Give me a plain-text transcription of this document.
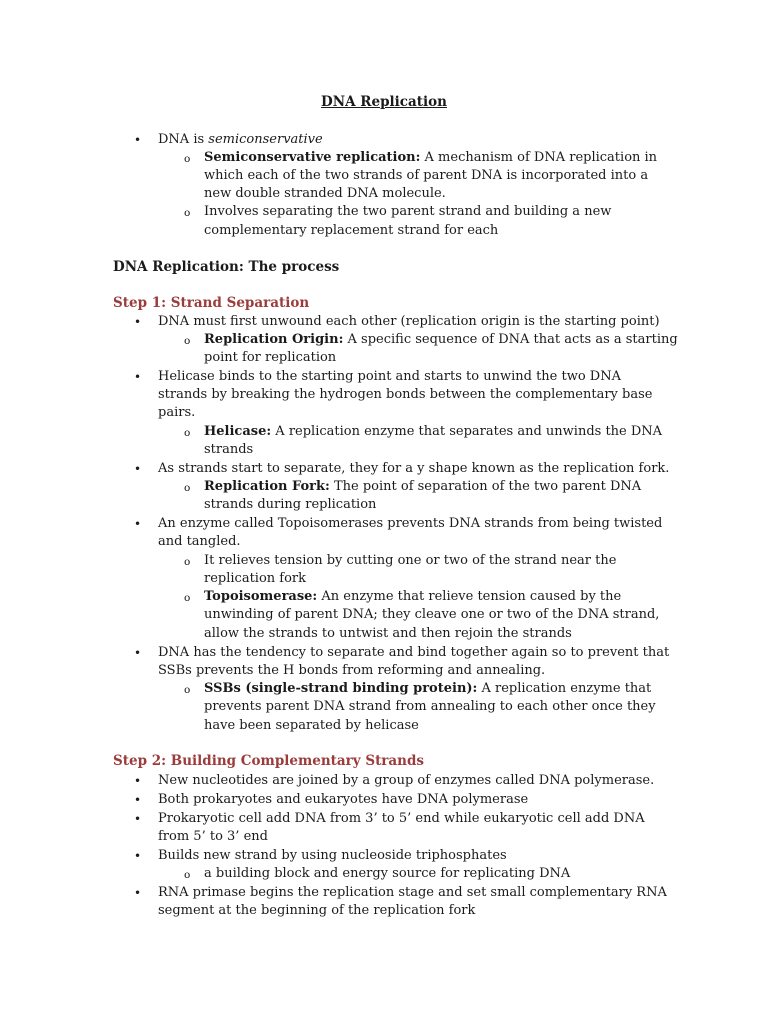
DNA Replication
• DNA is semiconservative
o Semiconservative replication: A mechanism of DNA replication in
which each of the two strands of parent DNA is incorporated into a
new double stranded DNA molecule.
o Involves separating the two parent strand and building a new
complementary replacement strand for each
DNA Replication: The process
Step 1: Strand Separation
• DNA must first unwound each other (replication origin is the starting point)
o Replication Origin: A specific sequence of DNA that acts as a starting
point for replication
• Helicase binds to the starting point and starts to unwind the two DNA
strands by breaking the hydrogen bonds between the complementary base
pairs.
o Helicase: A replication enzyme that separates and unwinds the DNA
strands
• As strands start to separate, they for a y shape known as the replication fork.
o Replication Fork: The point of separation of the two parent DNA
strands during replication
• An enzyme called Topoisomerases prevents DNA strands from being twisted
and tangled.
o It relieves tension by cutting one or two of the strand near the
replication fork
o Topoisomerase: An enzyme that relieve tension caused by the
unwinding of parent DNA; they cleave one or two of the DNA strand,
allow the strands to untwist and then rejoin the strands
• DNA has the tendency to separate and bind together again so to prevent that
SSBs prevents the H bonds from reforming and annealing.
o SSBs (single-strand binding protein): A replication enzyme that
prevents parent DNA strand from annealing to each other once they
have been separated by helicase
Step 2: Building Complementary Strands
• New nucleotides are joined by a group of enzymes called DNA polymerase.
• Both prokaryotes and eukaryotes have DNA polymerase
• Prokaryotic cell add DNA from 3’ to 5’ end while eukaryotic cell add DNA
from 5’ to 3’ end
• Builds new strand by using nucleoside triphosphates
o a building block and energy source for replicating DNA
• RNA primase begins the replication stage and set small complementary RNA
segment at the beginning of the replication fork
